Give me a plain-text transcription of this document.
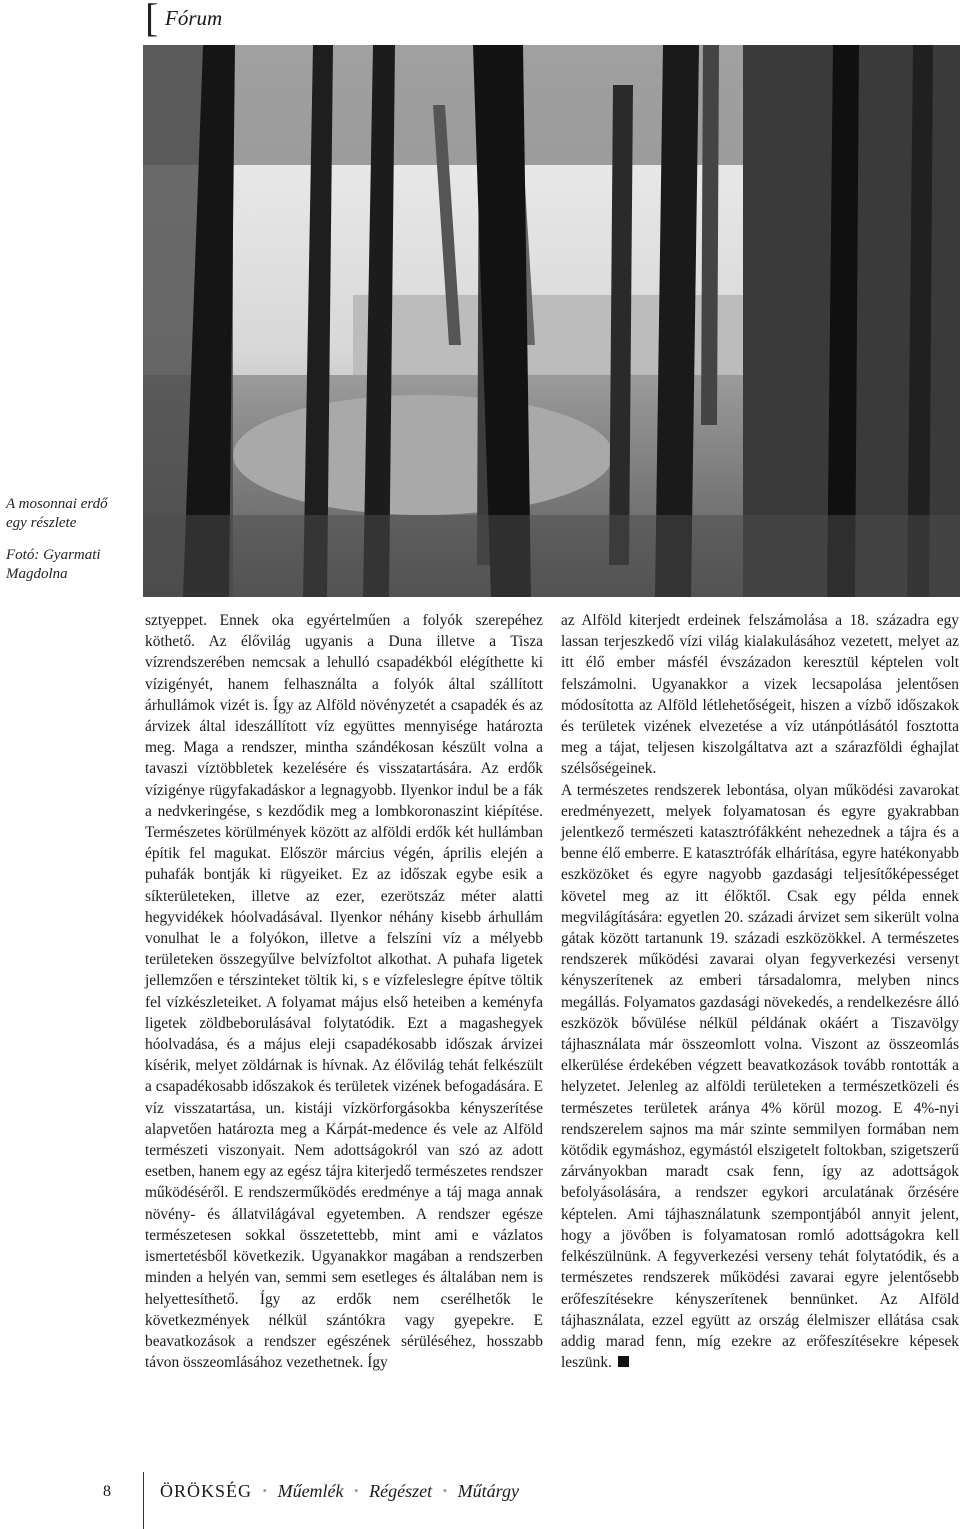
[ Fórum

A mosonnai erdő egy részlete

Fotó: Gyarmati Magdolna

sztyeppet. Ennek oka egyértelműen a folyók szerepéhez köthető. Az élővilág ugyanis a Duna illetve a Tisza vízrendszerében nemcsak a lehulló csapadékból elégíthette ki vízigényét, hanem felhasználta a folyók által szállított árhullámok vizét is. Így az Alföld növényzetét a csapadék és az árvizek által ideszállított víz együttes mennyisége határozta meg. Maga a rendszer, mintha szándékosan készült volna a tavaszi víztöbbletek kezelésére és visszatartására. Az erdők vízigénye rügyfakadáskor a legnagyobb. Ilyenkor indul be a fák a nedvkeringése, s kezdődik meg a lombkoronaszint kiépítése. Természetes körülmények között az alföldi erdők két hullámban építik fel magukat. Először március végén, április elején a puhafák bontják ki rügyeiket. Ez az időszak egybe esik a síkterületeken, illetve az ezer, ezerötszáz méter alatti hegyvidékek hóolvadásával. Ilyenkor néhány kisebb árhullám vonulhat le a folyókon, illetve a felszíni víz a mélyebb területeken összegyűlve belvízfoltot alkothat. A puhafa ligetek jellemzően e térszinteket töltik ki, s e vízfeleslegre építve töltik fel vízkészleteiket. A folyamat május első heteiben a keményfa ligetek zöldbeborulásával folytatódik. Ezt a magashegyek hóolvadása, és a május eleji csapadékosabb időszak árvizei kísérik, melyet zöldárnak is hívnak. Az élővilág tehát felkészült a csapadékosabb időszakok és területek vizének befogadására. E víz visszatartása, un. kistáji vízkörforgásokba kényszerítése alapvetően határozta meg a Kárpát-medence és vele az Alföld természeti viszonyait. Nem adottságokról van szó az adott esetben, hanem egy az egész tájra kiterjedő természetes rendszer működéséről. E rendszerműködés eredménye a táj maga annak növény- és állatvilágával egyetemben. A rendszer egésze természetesen sokkal összetettebb, mint ami e vázlatos ismertetésből következik. Ugyanakkor magában a rendszerben minden a helyén van, semmi sem esetleges és általában nem is helyettesíthető. Így az erdők nem cserélhetők le következmények nélkül szántókra vagy gyepekre. E beavatkozások a rendszer egészének sérüléséhez, hosszabb távon összeomlásához vezethetnek. Így

az Alföld kiterjedt erdeinek felszámolása a 18. századra egy lassan terjeszkedő vízi világ kialakulásához vezetett, melyet az itt élő ember másfél évszázadon keresztül képtelen volt felszámolni. Ugyanakkor a vizek lecsapolása jelentősen módosította az Alföld létlehetőségeit, hiszen a vízbő időszakok és területek vizének elvezetése a víz utánpótlásától fosztotta meg a tájat, teljesen kiszolgáltatva azt a szárazföldi éghajlat szélsőségeinek.

A természetes rendszerek lebontása, olyan működési zavarokat eredményezett, melyek folyamatosan és egyre gyakrabban jelentkező természeti katasztrófákként nehezednek a tájra és a benne élő emberre. E katasztrófák elhárítása, egyre hatékonyabb eszközöket és egyre nagyobb gazdasági teljesítőképességet követel meg az itt élőktől. Csak egy példa ennek megvilágítására: egyetlen 20. századi árvizet sem sikerült volna gátak között tartanunk 19. századi eszközökkel. A természetes rendszerek működési zavarai olyan fegyverkezési versenyt kényszerítenek az emberi társadalomra, melyben nincs megállás. Folyamatos gazdasági növekedés, a rendelkezésre álló eszközök bővülése nélkül példának okáért a Tiszavölgy tájhasználata már összeomlott volna. Viszont az összeomlás elkerülése érdekében végzett beavatkozások tovább rontották a helyzetet. Jelenleg az alföldi területeken a természetközeli és természetes területek aránya 4% körül mozog. E 4%-nyi rendszerelem sajnos ma már szinte semmilyen formában nem kötődik egymáshoz, egymástól elszigetelt foltokban, szigetszerű zárványokban maradt csak fenn, így az adottságok befolyásolására, a rendszer egykori arculatának őrzésére képtelen. Ami tájhasználatunk szempontjából annyit jelent, hogy a jövőben is folyamatosan romló adottságokra kell felkészülnünk. A fegyverkezési verseny tehát folytatódik, és a természetes rendszerek működési zavarai egyre jelentősebb erőfeszítésekre kényszerítenek bennünket. Az Alföld tájhasználata, ezzel együtt az ország élelmiszer ellátása csak addig marad fenn, míg ezekre az erőfeszítésekre képesek leszünk.

8	ÖRÖKSÉG • Műemlék • Régészet • Műtárgy
